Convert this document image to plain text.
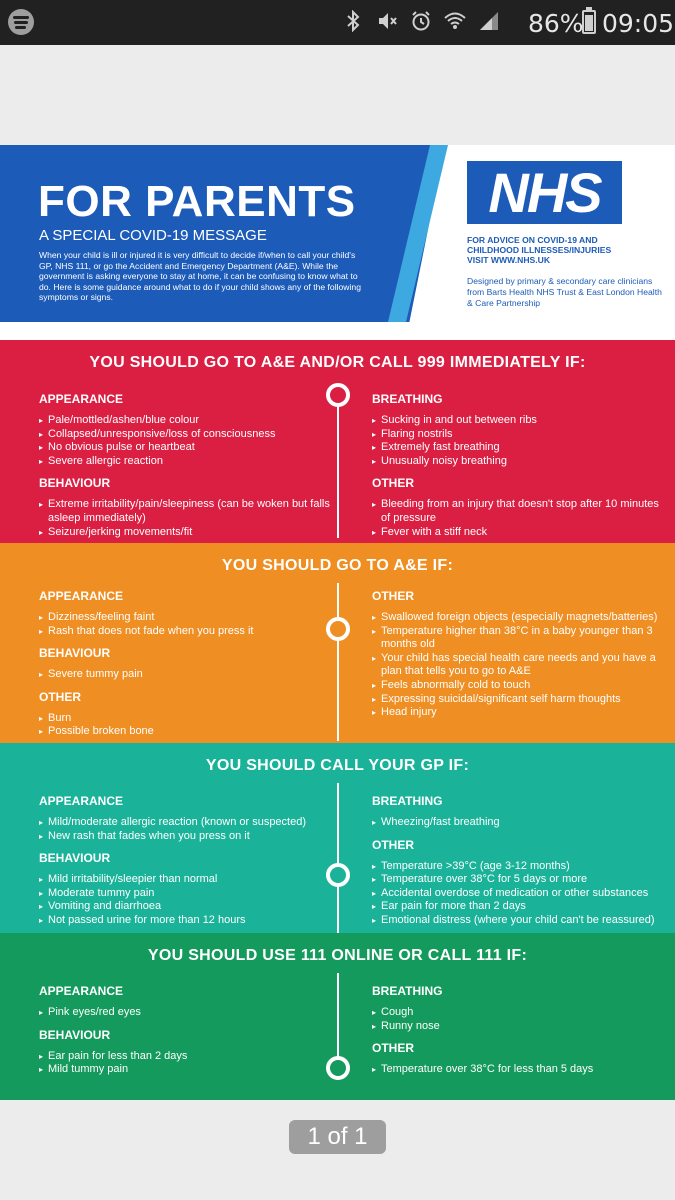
86% 09:05
FOR PARENTS
A SPECIAL COVID-19 MESSAGE
When your child is ill or injured it is very difficult to decide if/when to call your child's GP, NHS 111, or go the Accident and Emergency Department (A&E). While the government is asking everyone to stay at home, it can be confusing to know what to do. Here is some guidance around what to do if your child shows any of the following symptoms or signs.
NHS
FOR ADVICE ON COVID-19 AND
CHILDHOOD ILLNESSES/INJURIES
VISIT WWW.NHS.UK
Designed by primary & secondary care clinicians from Barts Health NHS Trust & East London Health & Care Partnership
YOU SHOULD GO TO A&E AND/OR CALL 999 IMMEDIATELY IF:
APPEARANCE
▸ Pale/mottled/ashen/blue colour
▸ Collapsed/unresponsive/loss of consciousness
▸ No obvious pulse or heartbeat
▸ Severe allergic reaction
BEHAVIOUR
▸ Extreme irritability/pain/sleepiness (can be woken but falls asleep immediately)
▸ Seizure/jerking movements/fit
BREATHING
▸ Sucking in and out between ribs
▸ Flaring nostrils
▸ Extremely fast breathing
▸ Unusually noisy breathing
OTHER
▸ Bleeding from an injury that doesn't stop after 10 minutes of pressure
▸ Fever with a stiff neck
YOU SHOULD GO TO A&E IF:
APPEARANCE
▸ Dizziness/feeling faint
▸ Rash that does not fade when you press it
BEHAVIOUR
▸ Severe tummy pain
OTHER
▸ Burn
▸ Possible broken bone
OTHER
▸ Swallowed foreign objects (especially magnets/batteries)
▸ Temperature higher than 38°C in a baby younger than 3 months old
▸ Your child has special health care needs and you have a plan that tells you to go to A&E
▸ Feels abnormally cold to touch
▸ Expressing suicidal/significant self harm thoughts
▸ Head injury
YOU SHOULD CALL YOUR GP IF:
APPEARANCE
▸ Mild/moderate allergic reaction (known or suspected)
▸ New rash that fades when you press on it
BEHAVIOUR
▸ Mild irritability/sleepier than normal
▸ Moderate tummy pain
▸ Vomiting and diarrhoea
▸ Not passed urine for more than 12 hours
BREATHING
▸ Wheezing/fast breathing
OTHER
▸ Temperature >39°C (age 3-12 months)
▸ Temperature over 38°C for 5 days or more
▸ Accidental overdose of medication or other substances
▸ Ear pain for more than 2 days
▸ Emotional distress (where your child can't be reassured)
YOU SHOULD USE 111 ONLINE OR CALL 111 IF:
APPEARANCE
▸ Pink eyes/red eyes
BEHAVIOUR
▸ Ear pain for less than 2 days
▸ Mild tummy pain
BREATHING
▸ Cough
▸ Runny nose
OTHER
▸ Temperature over 38°C for less than 5 days
1 of 1
